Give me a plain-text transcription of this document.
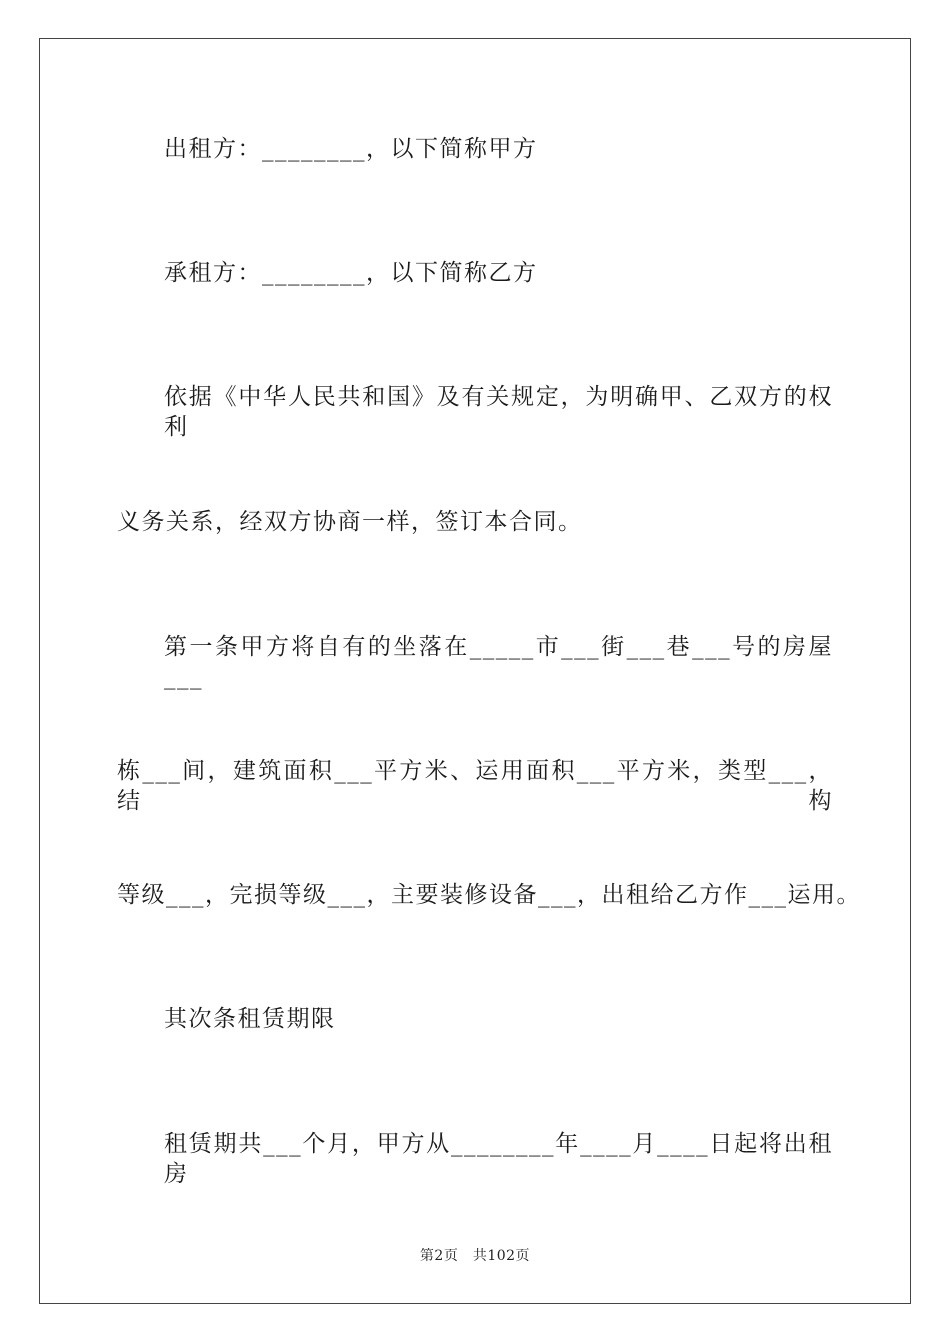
出租方：________，以下简称甲方
承租方：________，以下简称乙方
依据《中华人民共和国》及有关规定，为明确甲、乙双方的权利
义务关系，经双方协商一样，签订本合同。
第一条甲方将自有的坐落在_____市___街___巷___号的房屋___
栋___间，建筑面积___平方米、运用面积___平方米，类型___，结构
等级___，完损等级___，主要装修设备___，出租给乙方作___运用。
其次条租赁期限
租赁期共___个月，甲方从________年____月____日起将出租房
第2页　共102页
